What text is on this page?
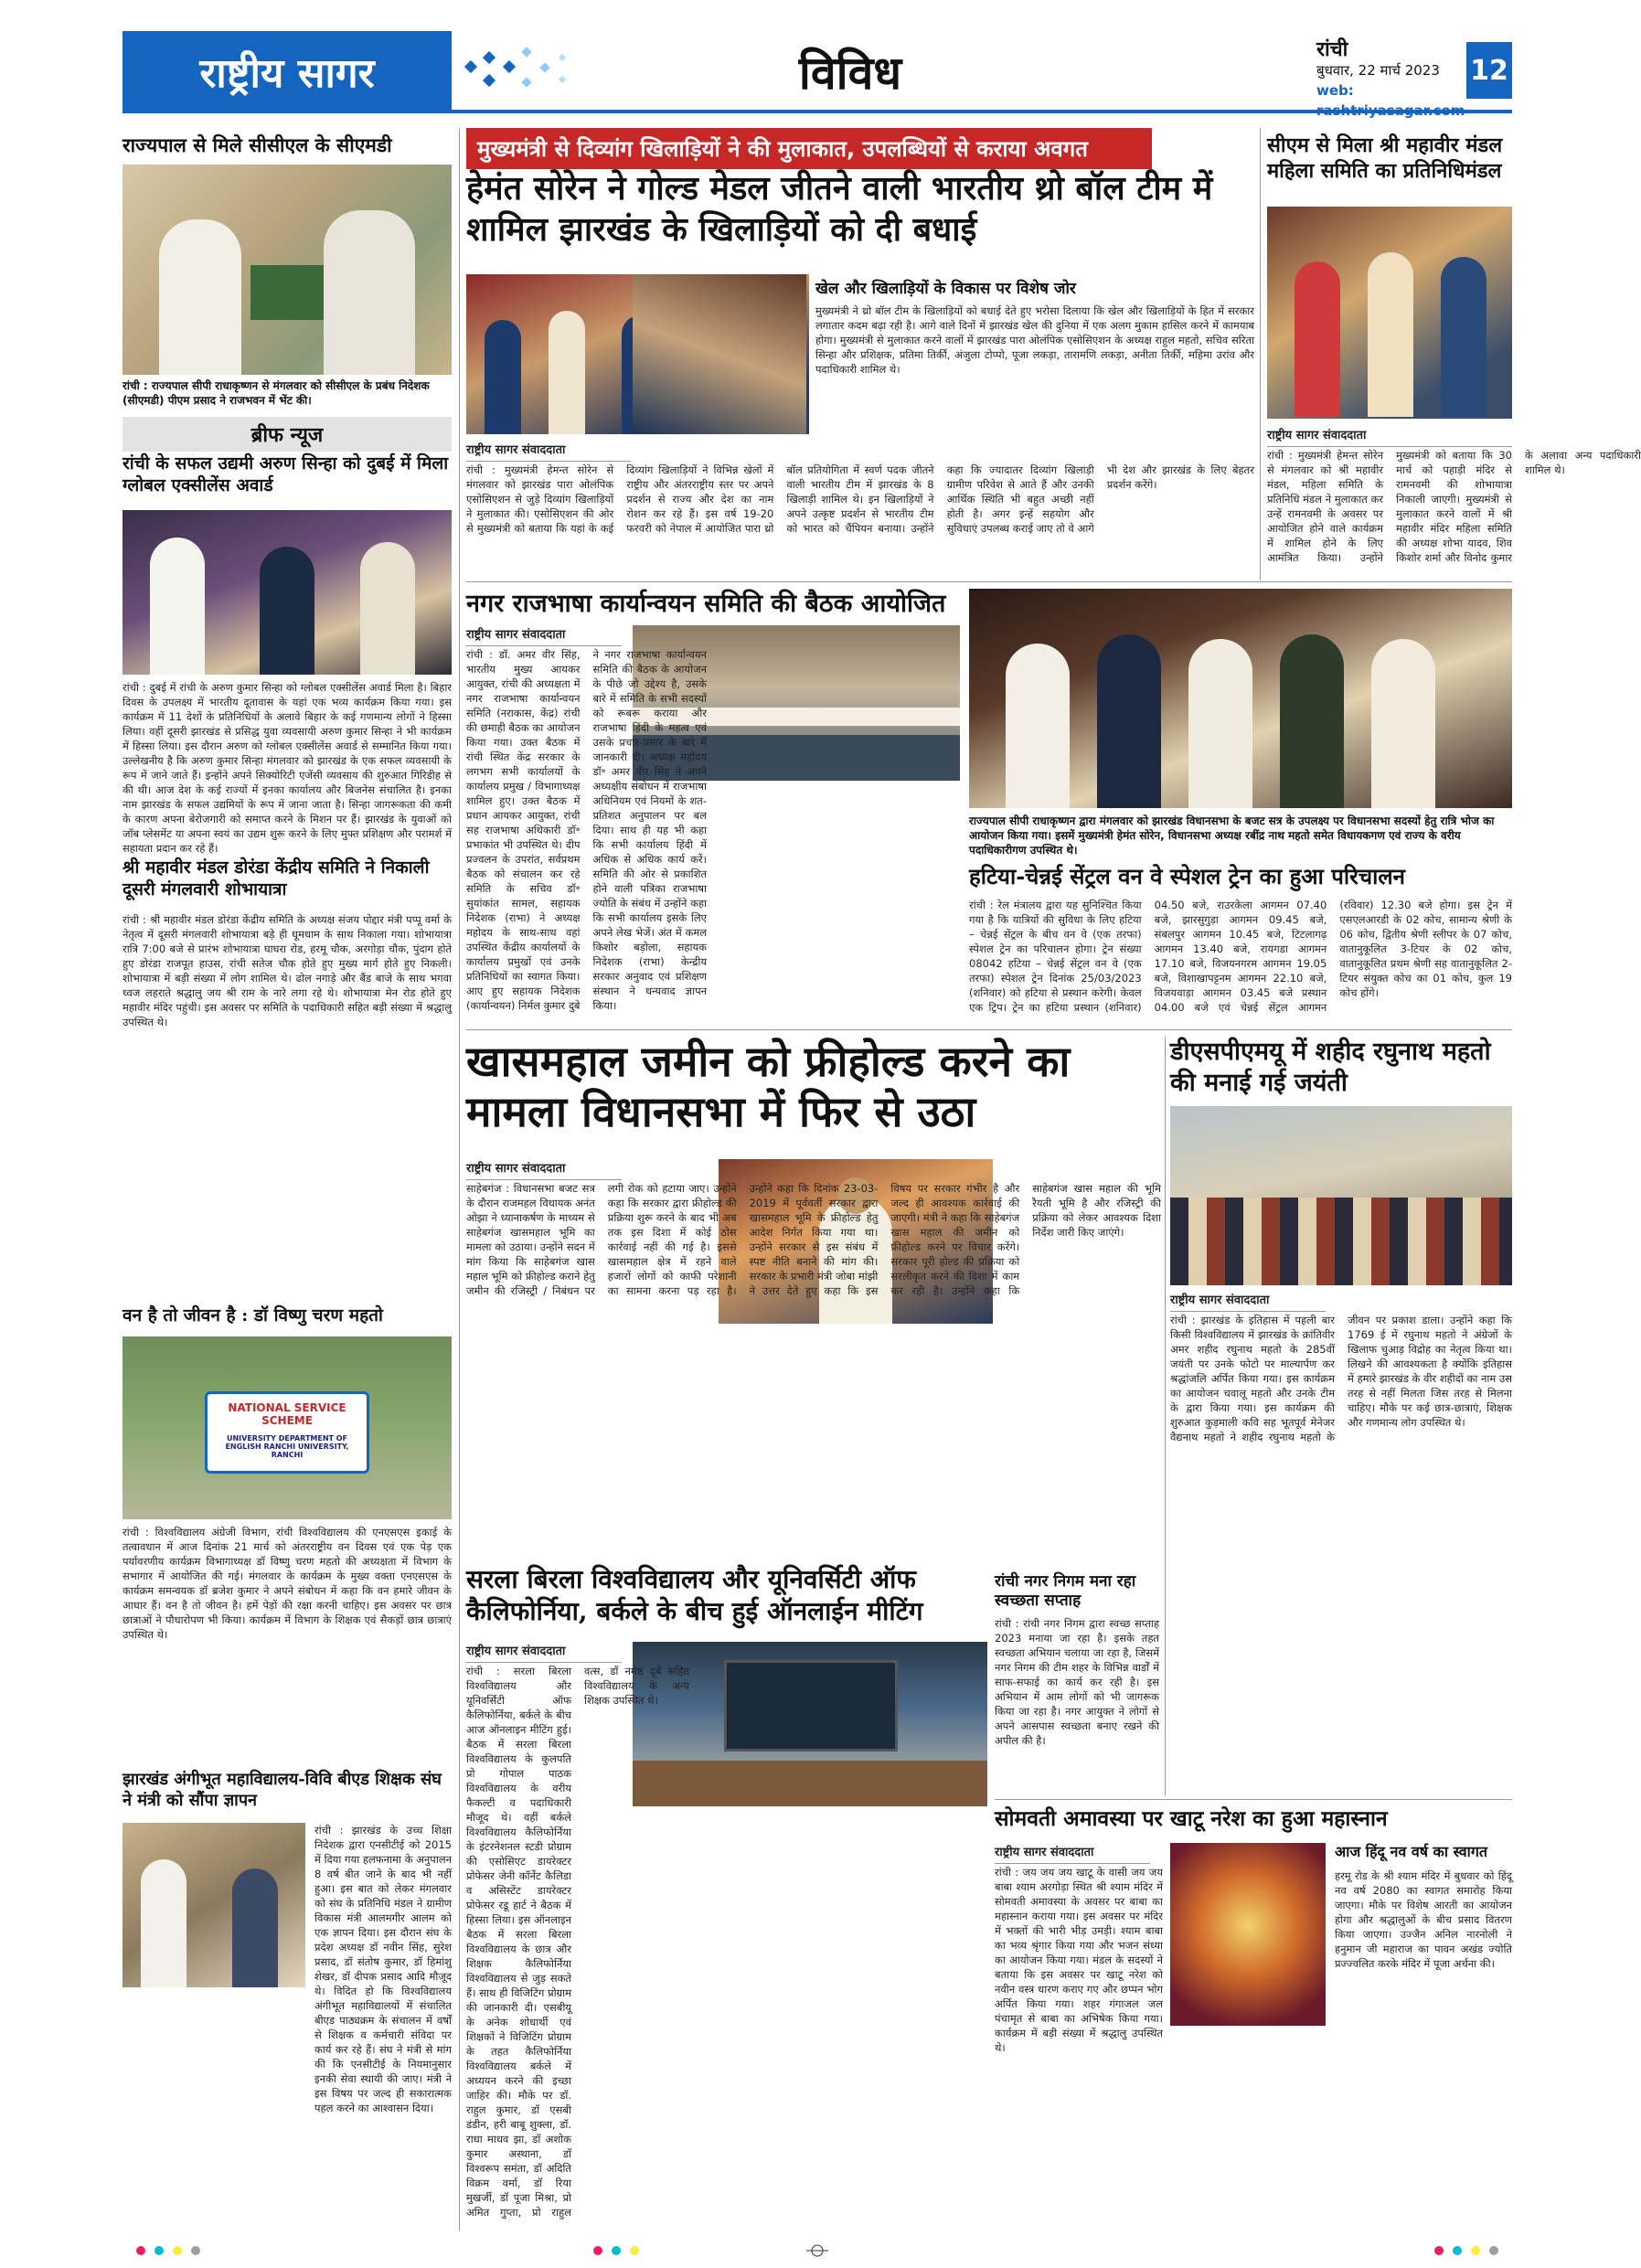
राष्ट्रीय सागर	विविध	रांची
बुधवार, 22 मार्च 2023
web:
12
राज्यपाल से मिले सीसीएल के सीएमडी
रांची : राज्यपाल सीपी राधाकृष्णन से मंगलवार को सीसीएल के प्रबंध निदेशक (सीएमडी) पीएम प्रसाद ने राजभवन में भेंट की।
ब्रीफ न्यूज
रांची के सफल उद्यमी अरुण सिन्हा को दुबई में मिला ग्लोबल एक्सीलेंस अवार्ड
रांची : दुबई में रांची के अरुण कुमार सिन्हा को ग्लोबल एक्सीलेंस अवार्ड मिला है। बिहार दिवस के उपलक्ष्य में भारतीय दूतावास के यहां एक भव्य कार्यक्रम किया गया। इस कार्यक्रम में 11 देशों के प्रतिनिधियों के अलावे बिहार के कई गणमान्य लोगों ने हिस्सा लिया। वहीं दूसरी झारखंड से प्रसिद्ध युवा व्यवसायी अरुण कुमार सिन्हा ने भी कार्यक्रम में हिस्सा लिया। इस दौरान अरुण को ग्लोबल एक्सीलेंस अवार्ड से सम्मानित किया गया। उल्लेखनीय है कि अरुण कुमार सिन्हा मंगलवार को झारखंड के एक सफल व्यवसायी के रूप में जाने जाते हैं। इन्होंने अपने सिक्योरिटी एजेंसी व्यवसाय की शुरुआत गिरिडीह से की थी। आज देश के कई राज्यों में इनका कार्यालय और बिजनेस संचालित है। इनका नाम झारखंड के सफल उद्यमियों के रूप में जाना जाता है। सिन्हा जागरूकता की कमी के कारण अपना बेरोजगारी को समाप्त करने के मिशन पर हैं। झारखंड के युवाओं को जॉब प्लेसमेंट या अपना स्वयं का उद्यम शुरू करने के लिए मुफ्त प्रशिक्षण और परामर्श में सहायता प्रदान कर रहे हैं।
श्री महावीर मंडल डोरंडा केंद्रीय समिति ने निकाली दूसरी मंगलवारी शोभायात्रा
रांची : श्री महावीर मंडल डोरंडा केंद्रीय समिति के अध्यक्ष संजय पोद्दार मंत्री पप्पू वर्मा के नेतृत्व में दूसरी मंगलवारी शोभायात्रा बड़े ही धूमधाम के साथ निकाला गया। शोभायात्रा रात्रि 7:00 बजे से प्रारंभ शोभायात्रा घाघरा रोड, हरमू चौक, अरगोड़ा चौक, पुंदाग होते हुए डोरंडा राजपूत हाउस, रांची सतेज चौक होते हुए मुख्य मार्ग होते हुए निकली। शोभायात्रा में बड़ी संख्या में लोग शामिल थे। ढोल नगाड़े और बैंड बाजे के साथ भगवा ध्वज लहराते श्रद्धालु जय श्री राम के नारे लगा रहे थे। शोभायात्रा मेन रोड होते हुए महावीर मंदिर पहुंची। इस अवसर पर समिति के पदाधिकारी सहित बड़ी संख्या में श्रद्धालु उपस्थित थे।
वन है तो जीवन है : डॉ विष्णु चरण महतो
NATIONAL SERVICE SCHEME
UNIVERSITY DEPARTMENT OF ENGLISH RANCHI UNIVERSITY, RANCHI
रांची : विश्वविद्यालय अंग्रेजी विभाग, रांची विश्वविद्यालय की एनएसएस इकाई के तत्वावधान में आज दिनांक 21 मार्च को अंतरराष्ट्रीय वन दिवस एवं एक पेड़ एक पर्यावरणीय कार्यक्रम विभागाध्यक्ष डॉ विष्णु चरण महतो की अध्यक्षता में विभाग के सभागार में आयोजित की गई। मंगलवार के कार्यक्रम के मुख्य वक्ता एनएसएस के कार्यक्रम समन्वयक डॉ ब्रजेश कुमार ने अपने संबोधन में कहा कि वन हमारे जीवन के आधार हैं। वन है तो जीवन है। हमें पेड़ों की रक्षा करनी चाहिए। इस अवसर पर छात्र छात्राओं ने पौधारोपण भी किया। कार्यक्रम में विभाग के शिक्षक एवं सैकड़ों छात्र छात्राएं उपस्थित थे।
झारखंड अंगीभूत महाविद्यालय-विवि बीएड शिक्षक संघ ने मंत्री को सौंपा ज्ञापन
रांची : झारखंड के उच्च शिक्षा निदेशक द्वारा एनसीटीई को 2015 में दिया गया हलफनामा के अनुपालन 8 वर्ष बीत जाने के बाद भी नहीं हुआ। इस बात को लेकर मंगलवार को संघ के प्रतिनिधि मंडल ने ग्रामीण विकास मंत्री आलमगीर आलम को एक ज्ञापन दिया। इस दौरान संघ के प्रदेश अध्यक्ष डॉ नवीन सिंह, सुरेश प्रसाद, डॉ संतोष कुमार, डॉ हिमांशु शेखर, डॉ दीपक प्रसाद आदि मौजूद थे। विदित हो कि विश्वविद्यालय अंगीभूत महाविद्यालयों में संचालित बीएड पाठ्यक्रम के संचालन में वर्षों से शिक्षक व कर्मचारी संविदा पर कार्य कर रहे हैं। संघ ने मंत्री से मांग की कि एनसीटीई के नियमानुसार इनकी सेवा स्थायी की जाए। मंत्री ने इस विषय पर जल्द ही सकारात्मक पहल करने का आश्वासन दिया।
मुख्यमंत्री से दिव्यांग खिलाड़ियों ने की मुलाकात, उपलब्धियों से कराया अवगत
हेमंत सोरेन ने गोल्ड मेडल जीतने वाली भारतीय थ्रो बॉल टीम में शामिल झारखंड के खिलाड़ियों को दी बधाई
खेल और खिलाड़ियों के विकास पर विशेष जोर
मुख्यमंत्री ने थ्रो बॉल टीम के खिलाड़ियों को बधाई देते हुए भरोसा दिलाया कि खेल और खिलाड़ियों के हित में सरकार लगातार कदम बढ़ा रही है। आगे वाले दिनों में झारखंड खेल की दुनिया में एक अलग मुकाम हासिल करने में कामयाब होगा। मुख्यमंत्री से मुलाकात करने वालों में झारखंड पारा ओलंपिक एसोसिएशन के अध्यक्ष राहुल महतो, सचिव सरिता सिन्हा और प्रशिक्षक, प्रतिमा तिर्की, अंजुला टोप्पो, पूजा लकड़ा, तारामणि लकड़ा, अनीता तिर्की, महिमा उरांव और पदाधिकारी शामिल थे।
राष्ट्रीय सागर संवाददाता
रांची : मुख्यमंत्री हेमन्त सोरेन से मंगलवार को झारखंड पारा ओलंपिक एसोसिएशन से जुड़े दिव्यांग खिलाड़ियों ने मुलाकात की। एसोसिएशन की ओर से मुख्यमंत्री को बताया कि यहां के कई दिव्यांग खिलाड़ियों ने विभिन्न खेलों में राष्ट्रीय और अंतरराष्ट्रीय स्तर पर अपने प्रदर्शन से राज्य और देश का नाम रोशन कर रहे हैं। इस वर्ष 19-20 फरवरी को नेपाल में आयोजित पारा थ्रो बॉल प्रतियोगिता में स्वर्ण पदक जीतने वाली भारतीय टीम में झारखंड के 8 खिलाड़ी शामिल थे। इन खिलाड़ियों ने अपने उत्कृष्ट प्रदर्शन से भारतीय टीम को भारत को चैंपियन बनाया। उन्होंने कहा कि ज्यादातर दिव्यांग खिलाड़ी ग्रामीण परिवेश से आते हैं और उनकी आर्थिक स्थिति भी बहुत अच्छी नहीं होती है। अगर इन्हें सहयोग और सुविधाएं उपलब्ध कराई जाए तो वे आगे भी देश और झारखंड के लिए बेहतर प्रदर्शन करेंगे।
सीएम से मिला श्री महावीर मंडल महिला समिति का प्रतिनिधिमंडल
राष्ट्रीय सागर संवाददाता
रांची : मुख्यमंत्री हेमन्त सोरेन से मंगलवार को श्री महावीर मंडल, महिला समिति के प्रतिनिधि मंडल ने मुलाकात कर उन्हें रामनवमी के अवसर पर आयोजित होने वाले कार्यक्रम में शामिल होने के लिए आमंत्रित किया। उन्होंने मुख्यमंत्री को बताया कि 30 मार्च को पहाड़ी मंदिर से रामनवमी की शोभायात्रा निकाली जाएगी। मुख्यमंत्री से मुलाकात करने वालों में श्री महावीर मंदिर महिला समिति की अध्यक्ष शोभा यादव, शिव किशोर शर्मा और विनोद कुमार के अलावा अन्य पदाधिकारी शामिल थे।
नगर राजभाषा कार्यान्वयन समिति की बैठक आयोजित
राष्ट्रीय सागर संवाददाता
रांची : डॉ. अमर वीर सिंह, भारतीय मुख्य आयकर आयुक्त, रांची की अध्यक्षता में नगर राजभाषा कार्यान्वयन समिति (नराकास, केंद्र) रांची की छमाही बैठक का आयोजन किया गया। उक्त बैठक में रांची स्थित केंद्र सरकार के लगभग सभी कार्यालयों के कार्यालय प्रमुख / विभागाध्यक्ष शामिल हुए। उक्त बैठक में प्रधान आयकर आयुक्त, रांची सह राजभाषा अधिकारी डॉ॰ प्रभाकांत भी उपस्थित थे। दीप प्रज्वलन के उपरांत, सर्वप्रथम बैठक को संचालन कर रहे समिति के सचिव डॉ॰ सुयांकांत सामल, सहायक निदेशक (राभा) ने अध्यक्ष महोदय के साथ-साथ वहां उपस्थित केंद्रीय कार्यालयों के कार्यालय प्रमुखों एवं उनके प्रतिनिधियों का स्वागत किया। आए हुए सहायक निदेशक (कार्यान्वयन) निर्मल कुमार दुबे ने नगर राजभाषा कार्यान्वयन समिति की बैठक के आयोजन के पीछे जो उद्देश्य है, उसके बारे में समिति के सभी सदस्यों को रूबरू कराया और राजभाषा हिंदी के महत्व एवं उसके प्रचार-प्रसार के बारे में जानकारी दी। अध्यक्ष महोदय डॉ॰ अमर वीर सिंह ने अपने अध्यक्षीय संबोधन में राजभाषा अधिनियम एवं नियमों के शत-प्रतिशत अनुपालन पर बल दिया। साथ ही यह भी कहा कि सभी कार्यालय हिंदी में अधिक से अधिक कार्य करें। समिति की ओर से प्रकाशित होने वाली पत्रिका राजभाषा ज्योति के संबंध में उन्होंने कहा कि सभी कार्यालय इसके लिए अपने लेख भेजें। अंत में कमल किशोर बड़ोला, सहायक निदेशक (राभा) केन्द्रीय सरकार अनुवाद एवं प्रशिक्षण संस्थान ने धन्यवाद ज्ञापन किया।
राज्यपाल सीपी राधाकृष्णन द्वारा मंगलवार को झारखंड विधानसभा के बजट सत्र के उपलक्ष्य पर विधानसभा सदस्यों हेतु रात्रि भोज का आयोजन किया गया। इसमें मुख्यमंत्री हेमंत सोरेन, विधानसभा अध्यक्ष रबींद्र नाथ महतो समेत विधायकगण एवं राज्य के वरीय पदाधिकारीगण उपस्थित थे।
हटिया-चेन्नई सेंट्रल वन वे स्पेशल ट्रेन का हुआ परिचालन
रांची : रेल मंत्रालय द्वारा यह सुनिश्चित किया गया है कि यात्रियों की सुविधा के लिए हटिया – चेन्नई सेंट्रल के बीच वन वे (एक तरफा) स्पेशल ट्रेन का परिचालन होगा। ट्रेन संख्या 08042 हटिया – चेन्नई सेंट्रल वन वे (एक तरफा) स्पेशल ट्रेन दिनांक 25/03/2023 (शनिवार) को हटिया से प्रस्थान करेगी। केवल एक ट्रिप। ट्रेन का हटिया प्रस्थान (शनिवार) 04.50 बजे, राउरकेला आगमन 07.40 बजे, झारसुगुड़ा आगमन 09.45 बजे, संबलपुर आगमन 10.45 बजे, टिटलागढ़ आगमन 13.40 बजे, रायगडा आगमन 17.10 बजे, विजयनगरम आगमन 19.05 बजे, विशाखापट्टनम आगमन 22.10 बजे, विजयवाड़ा आगमन 03.45 बजे प्रस्थान 04.00 बजे एवं चेन्नई सेंट्रल आगमन (रविवार) 12.30 बजे होगा। इस ट्रेन में एसएलआरडी के 02 कोच, सामान्य श्रेणी के 06 कोच, द्वितीय श्रेणी स्लीपर के 07 कोच, वातानुकूलित 3-टियर के 02 कोच, वातानुकूलित प्रथम श्रेणी सह वातानुकूलित 2-टियर संयुक्त कोच का 01 कोच, कुल 19 कोच होंगे।
खासमहाल जमीन को फ्रीहोल्ड करने का मामला विधानसभा में फिर से उठा
राष्ट्रीय सागर संवाददाता
साहेबगंज : विधानसभा बजट सत्र के दौरान राजमहल विधायक अनंत ओझा ने ध्यानाकर्षण के माध्यम से साहेबगंज खासमहाल भूमि का मामला को उठाया। उन्होंने सदन में मांग किया कि साहेबगंज खास महाल भूमि को फ्रीहोल्ड कराने हेतु जमीन की रजिस्ट्री / निबंधन पर लगी रोक को हटाया जाए। उन्होंने कहा कि सरकार द्वारा फ्रीहोल्ड की प्रक्रिया शुरू करने के बाद भी अब तक इस दिशा में कोई ठोस कार्रवाई नहीं की गई है। इससे खासमहाल क्षेत्र में रहने वाले हजारों लोगों को काफी परेशानी का सामना करना पड़ रहा है। उन्होंने कहा कि दिनांक 23-03-2019 में पूर्ववर्ती सरकार द्वारा खासमहाल भूमि के फ्रीहोल्ड हेतु आदेश निर्गत किया गया था। उन्होंने सरकार से इस संबंध में स्पष्ट नीति बनाने की मांग की। सरकार के प्रभारी मंत्री जोबा मांझी ने उत्तर देते हुए कहा कि इस विषय पर सरकार गंभीर है और जल्द ही आवश्यक कार्रवाई की जाएगी। मंत्री ने कहा कि साहेबगंज खास महाल की जमीन को फ्रीहोल्ड करने पर विचार करेंगे। सरकार पूरी होल्ड की प्रक्रिया को सरलीकृत करने की दिशा में काम कर रही है। उन्होंने कहा कि साहेबगंज खास महाल की भूमि रैयती भूमि है और रजिस्ट्री की प्रक्रिया को लेकर आवश्यक दिशा निर्देश जारी किए जाएंगे।
डीएसपीएमयू में शहीद रघुनाथ महतो की मनाई गई जयंती
राष्ट्रीय सागर संवाददाता
रांची : झारखंड के इतिहास में पहली बार किसी विश्वविद्यालय में झारखंड के क्रांतिवीर अमर शहीद रघुनाथ महतो के 285वीं जयंती पर उनके फोटो पर माल्यार्पण कर श्रद्धांजलि अर्पित किया गया। इस कार्यक्रम का आयोजन चवालू महतो और उनके टीम के द्वारा किया गया। इस कार्यक्रम की शुरुआत कुड़माली कवि सह भूतपूर्व मेनेजर वैद्यनाथ महतो ने शहीद रघुनाथ महतो के जीवन पर प्रकाश डाला। उन्होंने कहा कि 1769 ई में रघुनाथ महतो ने अंग्रेजों के खिलाफ चुआड़ विद्रोह का नेतृत्व किया था। लिखने की आवश्यकता है क्योंकि इतिहास में हमारे झारखंड के वीर शहीदों का नाम उस तरह से नहीं मिलता जिस तरह से मिलना चाहिए। मौके पर कई छात्र-छात्राएं, शिक्षक और गणमान्य लोग उपस्थित थे।
रांची नगर निगम मना रहा स्वच्छता सप्ताह
रांची : रांची नगर निगम द्वारा स्वच्छ सप्ताह 2023 मनाया जा रहा है। इसके तहत स्वच्छता अभियान चलाया जा रहा है, जिसमें नगर निगम की टीम शहर के विभिन्न वार्डों में साफ-सफाई का कार्य कर रही है। इस अभियान में आम लोगों को भी जागरूक किया जा रहा है। नगर आयुक्त ने लोगों से अपने आसपास स्वच्छता बनाए रखने की अपील की है।
सरला बिरला विश्वविद्यालय और यूनिवर्सिटी ऑफ कैलिफोर्निया, बर्कले के बीच हुई ऑनलाईन मीटिंग
राष्ट्रीय सागर संवाददाता
रांची : सरला बिरला विश्वविद्यालय और यूनिवर्सिटी ऑफ कैलिफोर्निया, बर्कले के बीच आज ऑनलाइन मीटिंग हुई। बैठक में सरला बिरला विश्वविद्यालय के कुलपति प्रो गोपाल पाठक विश्वविद्यालय के वरीय फैकल्टी व पदाधिकारी मौजूद थे। वहीं बर्कले विश्वविद्यालय कैलिफोर्निया के इंटरनेशनल स्टडी प्रोग्राम की एसोसिएट डायरेक्टर प्रोफेसर जेनी कॉर्नेट कैलिडा व असिस्टेंट डायरेक्टर प्रोफेसर रडू हार्ट ने बैठक में हिस्सा लिया। इस ऑनलाइन बैठक में सरला बिरला विश्वविद्यालय के छात्र और शिक्षक कैलिफोर्निया विश्वविद्यालय से जुड़ सकते हैं। साथ ही विजिटिंग प्रोग्राम की जानकारी दी। एसबीयू के अनेक शोधार्थी एवं शिक्षकों ने विजिटिंग प्रोग्राम के तहत कैलिफोर्निया विश्वविद्यालय बर्कले में अध्ययन करने की इच्छा जाहिर की। मौके पर डॉ. राहुल कुमार, डॉ एसबी डंडीन, हरी बाबू शुक्ला, डॉ. राधा माधव झा, डॉ अशोक कुमार अस्थाना, डॉ विश्वरूप समंता, डॉ अदिति विक्रम वर्मा, डॉ रिया मुखर्जी, डॉ पूजा मिश्रा, प्रो अमित गुप्ता, प्रो राहुल वत्स, डॉ नमेष्ठ दूबे सहित विश्वविद्यालय के अन्य शिक्षक उपस्थित थे।
सोमवती अमावस्या पर खाटू नरेश का हुआ महास्नान
राष्ट्रीय सागर संवाददाता
रांची : जय जय जय खाटू के वासी जय जय बाबा श्याम अरगोड़ा स्थित श्री श्याम मंदिर में सोमवती अमावस्या के अवसर पर बाबा का महास्नान कराया गया। इस अवसर पर मंदिर में भक्तों की भारी भीड़ उमड़ी। श्याम बाबा का भव्य श्रृंगार किया गया और भजन संध्या का आयोजन किया गया। मंडल के सदस्यों ने बताया कि इस अवसर पर खाटू नरेश को नवीन वस्त्र धारण कराए गए और छप्पन भोग अर्पित किया गया। शहर गंगाजल जल पंचामृत से बाबा का अभिषेक किया गया। कार्यक्रम में बड़ी संख्या में श्रद्धालु उपस्थित थे।
आज हिंदू नव वर्ष का स्वागत
हरमू रोड के श्री श्याम मंदिर में बुधवार को हिंदू नव वर्ष 2080 का स्वागत समारोह किया जाएगा। मौके पर विशेष आरती का आयोजन होगा और श्रद्धालुओं के बीच प्रसाद वितरण किया जाएगा। उज्जैन अनिल नारनोली ने हनुमान जी महाराज का पावन अखंड ज्योति प्रज्ज्वलित करके मंदिर में पूजा अर्चना की।
